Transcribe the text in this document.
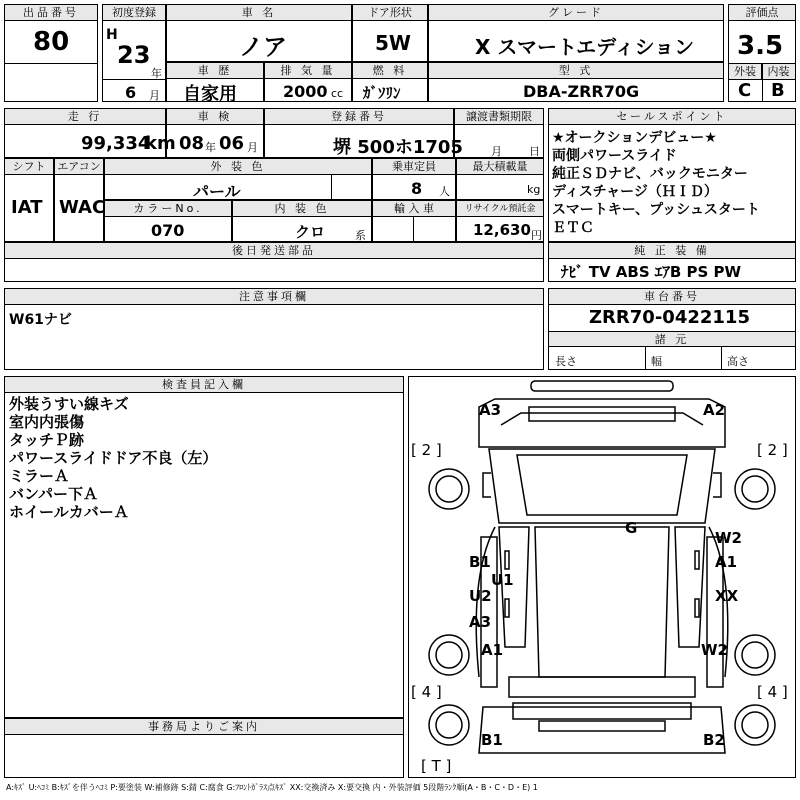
出品番号
80
初度登録
H
23
年
6 月
車 名
ノア
ドア形状
5W
グレード
X スマートエディション
評価点
3.5
外装	内装
C B
車 歴
自家用
排 気 量
2000 cc
燃 料
ｶﾞｿﾘﾝ
型 式
DBA-ZRR70G
走 行
99,334
km
車 検
08 年 06 月
登録番号
堺 500ホ1705
譲渡書類期限
月 日
シフト
IAT
エアコン
WAC
外 装 色
パール
乗車定員
8 人
最大積載量
kg
カラーNo.
070
内 装 色
クロ	系
輸 入 車	リサイクル預託金
12,630 円
後日発送部品
セールスポイント
★オークションデビュー★
両側パワースライド
純正ＳＤナビ、バックモニター
ディスチャージ（ＨＩＤ）
スマートキー、プッシュスタート
ＥＴＣ
純 正 装 備
ﾅﾋﾞ TV ABS ｴｱB PS PW
注意事項欄
W61ナビ
車台番号
ZRR70-0422115
諸 元
長さ	幅	高さ
検査員記入欄
外装うすい線キズ
室内内張傷
タッチＰ跡
パワースライドドア不良（左）
ミラーＡ
バンパー下Ａ
ホイールカバーＡ
事務局よりご案内
[ 2 ]	[ 2 ]
[ 4 ]	[ 4 ]
[ T ]
A3	A2
G
B1
U1
U2
A3
A1
W2
A1
XX
W2
B1	B2
A:ｷｽﾞ U:ﾍｺﾐ B:ｷｽﾞを伴うﾍｺﾐ P:要塗装 W:補修跡 S:錆 C:腐食 G:ﾌﾛﾝﾄｶﾞﾗｽ点ｷｽﾞ XX:交換済み X:要交換 内・外装評価 5段階ﾗﾝｸ順(A・B・C・D・E) 1
